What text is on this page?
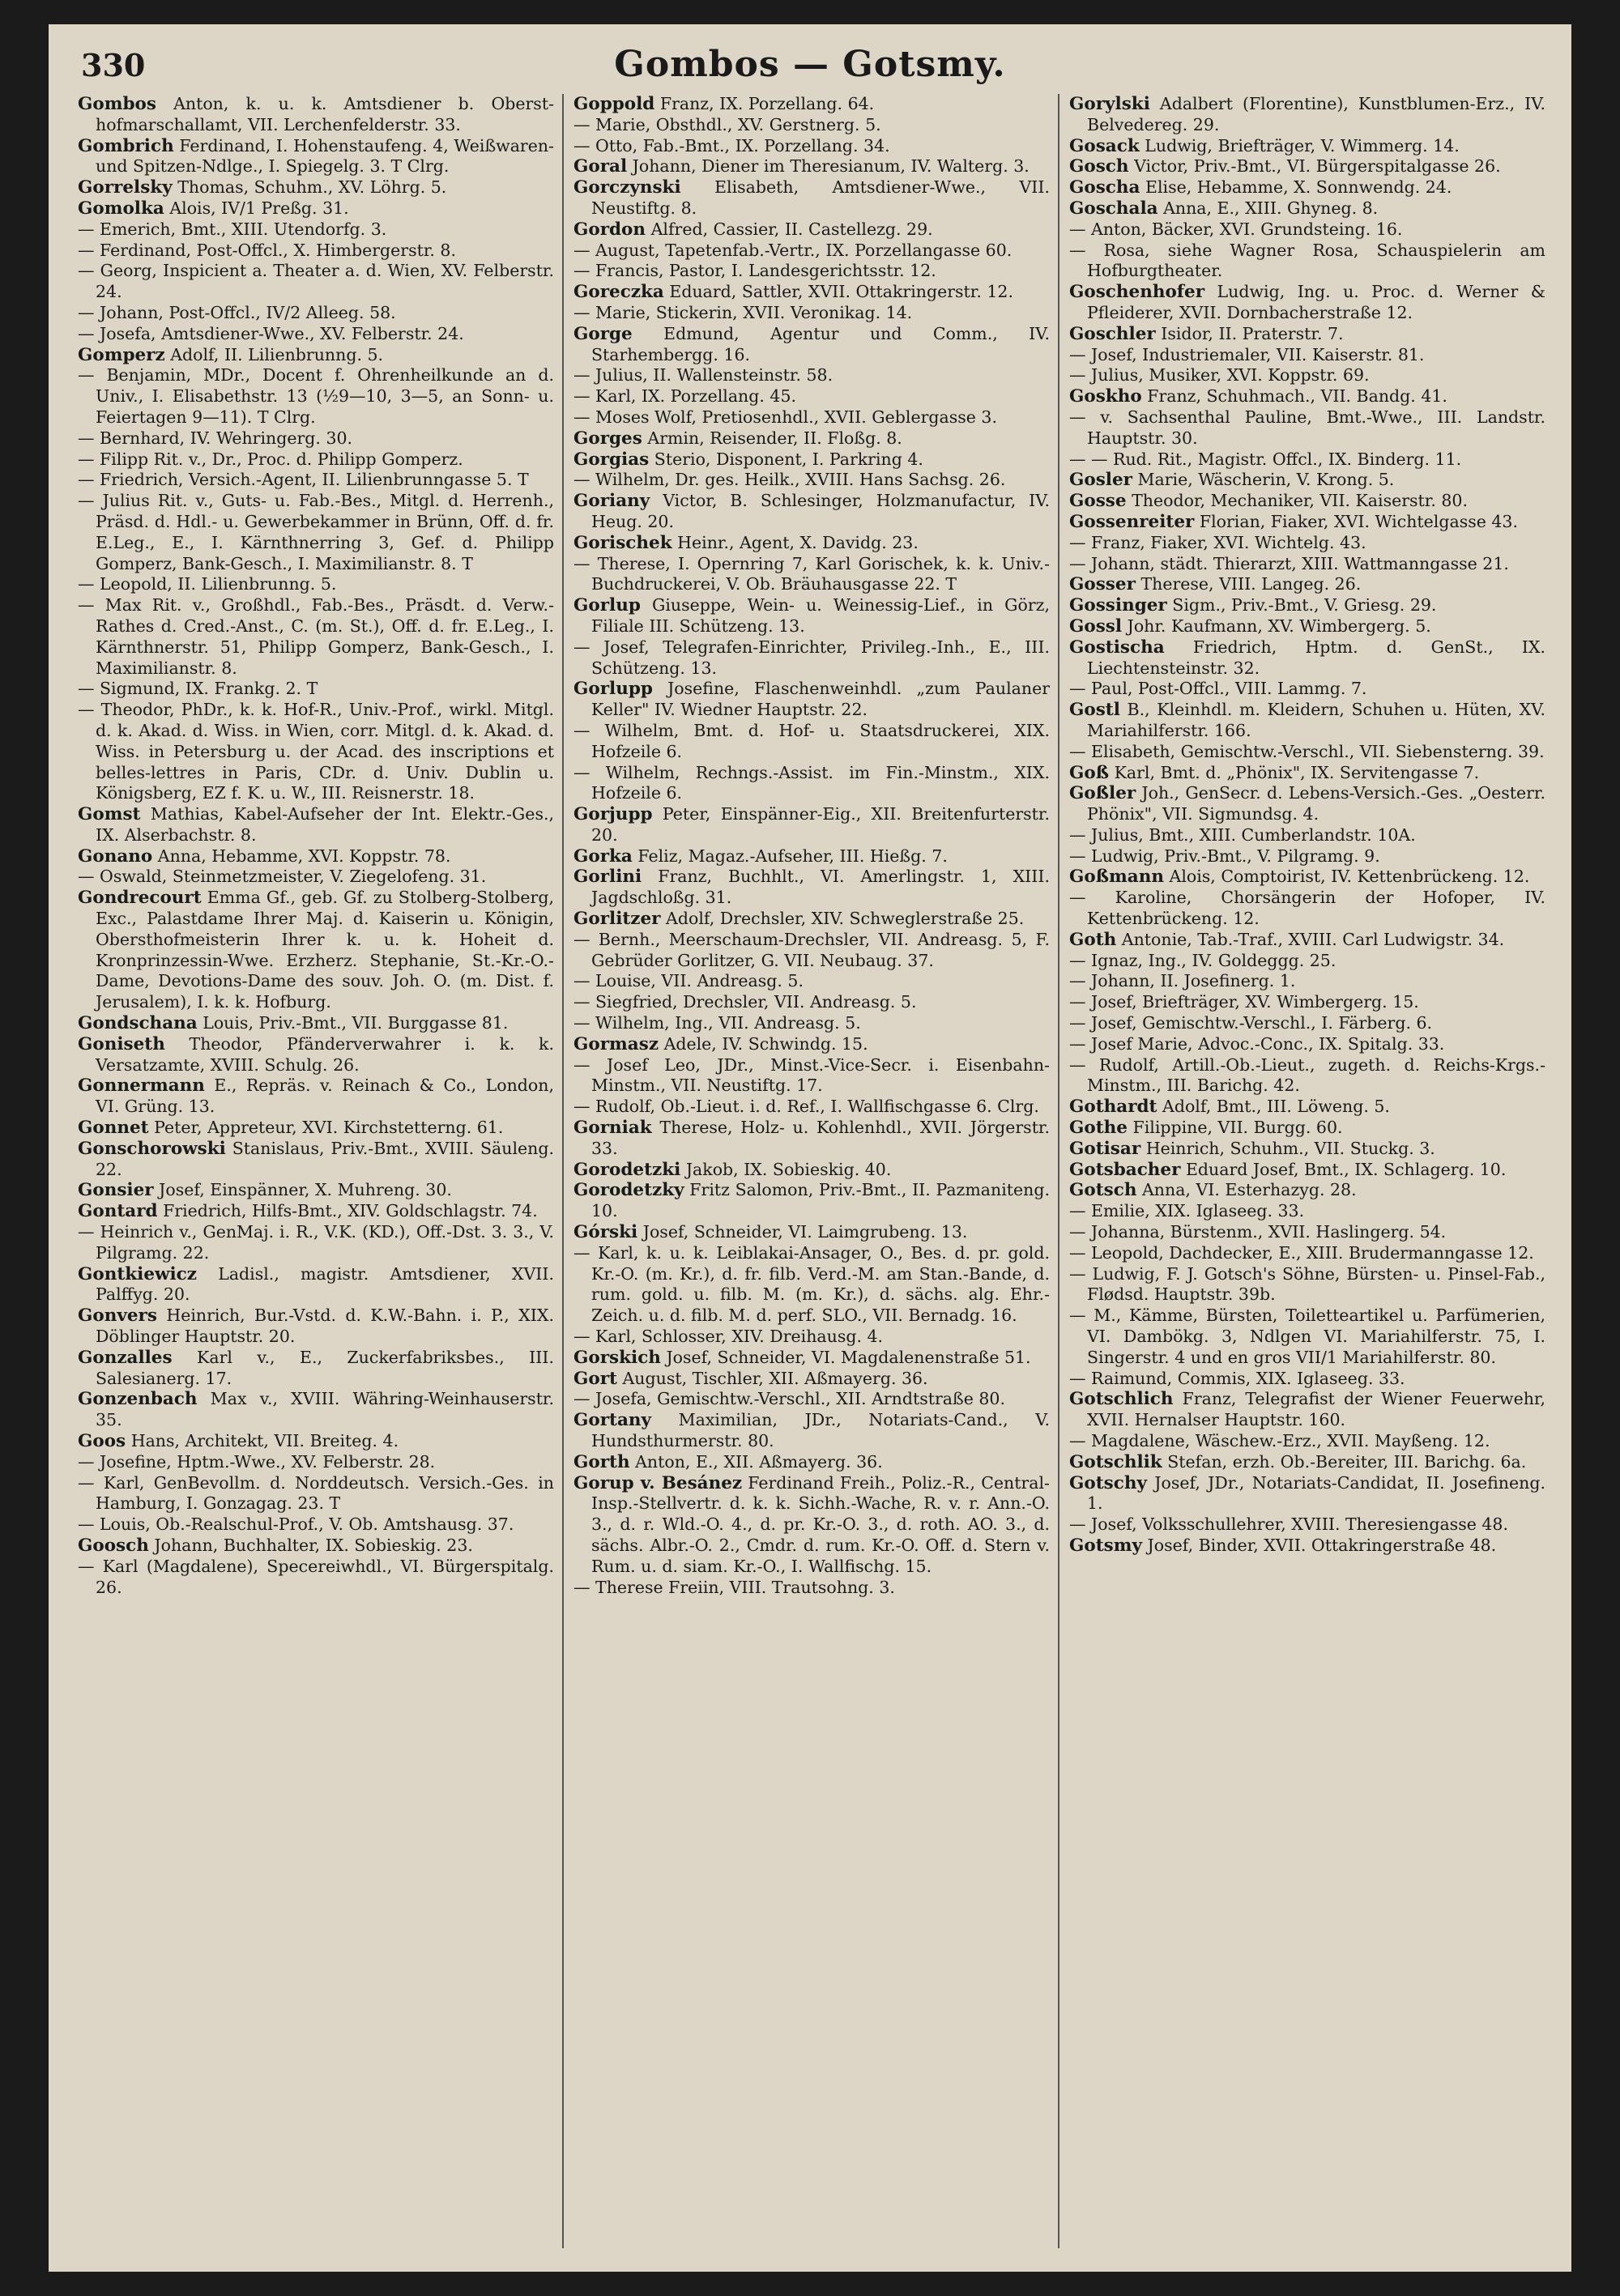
330	Gombos — Gotsmy.

Gombos Anton, k. u. k. Amtsdiener b. Oberst-hofmarschallamt, VII. Lerchenfelderstr. 33.

Gombrich Ferdinand, I. Hohenstaufeng. 4, Weißwaren- und Spitzen-Ndlge., I. Spiegelg. 3. T Clrg.

Gorrelsky Thomas, Schuhm., XV. Löhrg. 5.

Gomolka Alois, IV/1 Preßg. 31.

— Emerich, Bmt., XIII. Utendorfg. 3.

— Ferdinand, Post-Offcl., X. Himbergerstr. 8.

— Georg, Inspicient a. Theater a. d. Wien, XV. Felberstr. 24.

— Johann, Post-Offcl., IV/2 Alleeg. 58.

— Josefa, Amtsdiener-Wwe., XV. Felberstr. 24.

Gomperz Adolf, II. Lilienbrunng. 5.

— Benjamin, MDr., Docent f. Ohrenheilkunde an d. Univ., I. Elisabethstr. 13 (½9—10, 3—5, an Sonn- u. Feiertagen 9—11). T Clrg.

— Bernhard, IV. Wehringerg. 30.

— Filipp Rit. v., Dr., Proc. d. Philipp Gomperz.

— Friedrich, Versich.-Agent, II. Lilienbrunngasse 5. T

— Julius Rit. v., Guts- u. Fab.-Bes., Mitgl. d. Herrenh., Präsd. d. Hdl.- u. Gewerbekammer in Brünn, Off. d. fr. E.Leg., E., I. Kärnthnerring 3, Gef. d. Philipp Gomperz, Bank-Gesch., I. Maximilianstr. 8. T

— Leopold, II. Lilienbrunng. 5.

— Max Rit. v., Großhdl., Fab.-Bes., Präsdt. d. Verw.-Rathes d. Cred.-Anst., C. (m. St.), Off. d. fr. E.Leg., I. Kärnthnerstr. 51, Philipp Gomperz, Bank-Gesch., I. Maximilianstr. 8.

— Sigmund, IX. Frankg. 2. T

— Theodor, PhDr., k. k. Hof-R., Univ.-Prof., wirkl. Mitgl. d. k. Akad. d. Wiss. in Wien, corr. Mitgl. d. k. Akad. d. Wiss. in Petersburg u. der Acad. des inscriptions et belles-lettres in Paris, CDr. d. Univ. Dublin u. Königsberg, EZ f. K. u. W., III. Reisnerstr. 18.

Gomst Mathias, Kabel-Aufseher der Int. Elektr.-Ges., IX. Alserbachstr. 8.

Gonano Anna, Hebamme, XVI. Koppstr. 78.

— Oswald, Steinmetzmeister, V. Ziegelofeng. 31.

Gondrecourt Emma Gf., geb. Gf. zu Stolberg-Stolberg, Exc., Palastdame Ihrer Maj. d. Kaiserin u. Königin, Obersthofmeisterin Ihrer k. u. k. Hoheit d. Kronprinzessin-Wwe. Erzherz. Stephanie, St.-Kr.-O.-Dame, Devotions-Dame des souv. Joh. O. (m. Dist. f. Jerusalem), I. k. k. Hofburg.

Gondschana Louis, Priv.-Bmt., VII. Burggasse 81.

Goniseth Theodor, Pfänderverwahrer i. k. k. Versatzamte, XVIII. Schulg. 26.

Gonnermann E., Repräs. v. Reinach & Co., London, VI. Grüng. 13.

Gonnet Peter, Appreteur, XVI. Kirchstetterng. 61.

Gonschorowski Stanislaus, Priv.-Bmt., XVIII. Säuleng. 22.

Gonsier Josef, Einspänner, X. Muhreng. 30.

Gontard Friedrich, Hilfs-Bmt., XIV. Goldschlagstr. 74.

— Heinrich v., GenMaj. i. R., V.K. (KD.), Off.-Dst. 3. 3., V. Pilgramg. 22.

Gontkiewicz Ladisl., magistr. Amtsdiener, XVII. Palffyg. 20.

Gonvers Heinrich, Bur.-Vstd. d. K.W.-Bahn. i. P., XIX. Döblinger Hauptstr. 20.

Gonzalles Karl v., E., Zuckerfabriksbes., III. Salesianerg. 17.

Gonzenbach Max v., XVIII. Währing-Weinhauserstr. 35.

Goos Hans, Architekt, VII. Breiteg. 4.

— Josefine, Hptm.-Wwe., XV. Felberstr. 28.

— Karl, GenBevollm. d. Norddeutsch. Versich.-Ges. in Hamburg, I. Gonzagag. 23. T

— Louis, Ob.-Realschul-Prof., V. Ob. Amtshausg. 37.

Goosch Johann, Buchhalter, IX. Sobieskig. 23.

— Karl (Magdalene), Specereiwhdl., VI. Bürgerspitalg. 26.

Goppold Franz, IX. Porzellang. 64.

— Marie, Obsthdl., XV. Gerstnerg. 5.

— Otto, Fab.-Bmt., IX. Porzellang. 34.

Goral Johann, Diener im Theresianum, IV. Walterg. 3.

Gorczynski Elisabeth, Amtsdiener-Wwe., VII. Neustiftg. 8.

Gordon Alfred, Cassier, II. Castellezg. 29.

— August, Tapetenfab.-Vertr., IX. Porzellangasse 60.

— Francis, Pastor, I. Landesgerichtsstr. 12.

Goreczka Eduard, Sattler, XVII. Ottakringerstr. 12.

— Marie, Stickerin, XVII. Veronikag. 14.

Gorge Edmund, Agentur und Comm., IV. Starhembergg. 16.

— Julius, II. Wallensteinstr. 58.

— Karl, IX. Porzellang. 45.

— Moses Wolf, Pretiosenhdl., XVII. Geblergasse 3.

Gorges Armin, Reisender, II. Floßg. 8.

Gorgias Sterio, Disponent, I. Parkring 4.

— Wilhelm, Dr. ges. Heilk., XVIII. Hans Sachsg. 26.

Goriany Victor, B. Schlesinger, Holzmanufactur, IV. Heug. 20.

Gorischek Heinr., Agent, X. Davidg. 23.

— Therese, I. Opernring 7, Karl Gorischek, k. k. Univ.-Buchdruckerei, V. Ob. Bräuhausgasse 22. T

Gorlup Giuseppe, Wein- u. Weinessig-Lief., in Görz, Filiale III. Schützeng. 13.

— Josef, Telegrafen-Einrichter, Privileg.-Inh., E., III. Schützeng. 13.

Gorlupp Josefine, Flaschenweinhdl. „zum Paulaner Keller" IV. Wiedner Hauptstr. 22.

— Wilhelm, Bmt. d. Hof- u. Staatsdruckerei, XIX. Hofzeile 6.

— Wilhelm, Rechngs.-Assist. im Fin.-Minstm., XIX. Hofzeile 6.

Gorjupp Peter, Einspänner-Eig., XII. Breitenfurterstr. 20.

Gorka Feliz, Magaz.-Aufseher, III. Hießg. 7.

Gorlini Franz, Buchhlt., VI. Amerlingstr. 1, XIII. Jagdschloßg. 31.

Gorlitzer Adolf, Drechsler, XIV. Schweglerstraße 25.

— Bernh., Meerschaum-Drechsler, VII. Andreasg. 5, F. Gebrüder Gorlitzer, G. VII. Neubaug. 37.

— Louise, VII. Andreasg. 5.

— Siegfried, Drechsler, VII. Andreasg. 5.

— Wilhelm, Ing., VII. Andreasg. 5.

Gormasz Adele, IV. Schwindg. 15.

— Josef Leo, JDr., Minst.-Vice-Secr. i. Eisenbahn-Minstm., VII. Neustiftg. 17.

— Rudolf, Ob.-Lieut. i. d. Ref., I. Wallfischgasse 6. Clrg.

Gorniak Therese, Holz- u. Kohlenhdl., XVII. Jörgerstr. 33.

Gorodetzki Jakob, IX. Sobieskig. 40.

Gorodetzky Fritz Salomon, Priv.-Bmt., II. Pazmaniteng. 10.

Górski Josef, Schneider, VI. Laimgrubeng. 13.

— Karl, k. u. k. Leiblakai-Ansager, O., Bes. d. pr. gold. Kr.-O. (m. Kr.), d. fr. filb. Verd.-M. am Stan.-Bande, d. rum. gold. u. filb. M. (m. Kr.), d. sächs. alg. Ehr.-Zeich. u. d. filb. M. d. perf. SLO., VII. Bernadg. 16.

— Karl, Schlosser, XIV. Dreihausg. 4.

Gorskich Josef, Schneider, VI. Magdalenenstraße 51.

Gort August, Tischler, XII. Aßmayerg. 36.

— Josefa, Gemischtw.-Verschl., XII. Arndtstraße 80.

Gortany Maximilian, JDr., Notariats-Cand., V. Hundsthurmerstr. 80.

Gorth Anton, E., XII. Aßmayerg. 36.

Gorup v. Besánez Ferdinand Freih., Poliz.-R., Central-Insp.-Stellvertr. d. k. k. Sichh.-Wache, R. v. r. Ann.-O. 3., d. r. Wld.-O. 4., d. pr. Kr.-O. 3., d. roth. AO. 3., d. sächs. Albr.-O. 2., Cmdr. d. rum. Kr.-O. Off. d. Stern v. Rum. u. d. siam. Kr.-O., I. Wallfischg. 15.

— Therese Freiin, VIII. Trautsohng. 3.

Gorylski Adalbert (Florentine), Kunstblumen-Erz., IV. Belvedereg. 29.

Gosack Ludwig, Briefträger, V. Wimmerg. 14.

Gosch Victor, Priv.-Bmt., VI. Bürgerspitalgasse 26.

Goscha Elise, Hebamme, X. Sonnwendg. 24.

Goschala Anna, E., XIII. Ghyneg. 8.

— Anton, Bäcker, XVI. Grundsteing. 16.

— Rosa, siehe Wagner Rosa, Schauspielerin am Hofburgtheater.

Goschenhofer Ludwig, Ing. u. Proc. d. Werner & Pfleiderer, XVII. Dornbacherstraße 12.

Goschler Isidor, II. Praterstr. 7.

— Josef, Industriemaler, VII. Kaiserstr. 81.

— Julius, Musiker, XVI. Koppstr. 69.

Goskho Franz, Schuhmach., VII. Bandg. 41.

— v. Sachsenthal Pauline, Bmt.-Wwe., III. Landstr. Hauptstr. 30.

— — Rud. Rit., Magistr. Offcl., IX. Binderg. 11.

Gosler Marie, Wäscherin, V. Krong. 5.

Gosse Theodor, Mechaniker, VII. Kaiserstr. 80.

Gossenreiter Florian, Fiaker, XVI. Wichtelgasse 43.

— Franz, Fiaker, XVI. Wichtelg. 43.

— Johann, städt. Thierarzt, XIII. Wattmanngasse 21.

Gosser Therese, VIII. Langeg. 26.

Gossinger Sigm., Priv.-Bmt., V. Griesg. 29.

Gossl Johr. Kaufmann, XV. Wimbergerg. 5.

Gostischa Friedrich, Hptm. d. GenSt., IX. Liechtensteinstr. 32.

— Paul, Post-Offcl., VIII. Lammg. 7.

Gostl B., Kleinhdl. m. Kleidern, Schuhen u. Hüten, XV. Mariahilferstr. 166.

— Elisabeth, Gemischtw.-Verschl., VII. Siebensterng. 39.

Goß Karl, Bmt. d. „Phönix", IX. Servitengasse 7.

Goßler Joh., GenSecr. d. Lebens-Versich.-Ges. „Oesterr. Phönix", VII. Sigmundsg. 4.

— Julius, Bmt., XIII. Cumberlandstr. 10A.

— Ludwig, Priv.-Bmt., V. Pilgramg. 9.

Goßmann Alois, Comptoirist, IV. Kettenbrückeng. 12.

— Karoline, Chorsängerin der Hofoper, IV. Kettenbrückeng. 12.

Goth Antonie, Tab.-Traf., XVIII. Carl Ludwigstr. 34.

— Ignaz, Ing., IV. Goldeggg. 25.

— Johann, II. Josefinerg. 1.

— Josef, Briefträger, XV. Wimbergerg. 15.

— Josef, Gemischtw.-Verschl., I. Färberg. 6.

— Josef Marie, Advoc.-Conc., IX. Spitalg. 33.

— Rudolf, Artill.-Ob.-Lieut., zugeth. d. Reichs-Krgs.-Minstm., III. Barichg. 42.

Gothardt Adolf, Bmt., III. Löweng. 5.

Gothe Filippine, VII. Burgg. 60.

Gotisar Heinrich, Schuhm., VII. Stuckg. 3.

Gotsbacher Eduard Josef, Bmt., IX. Schlagerg. 10.

Gotsch Anna, VI. Esterhazyg. 28.

— Emilie, XIX. Iglaseeg. 33.

— Johanna, Bürstenm., XVII. Haslingerg. 54.

— Leopold, Dachdecker, E., XIII. Brudermanngasse 12.

— Ludwig, F. J. Gotsch's Söhne, Bürsten- u. Pinsel-Fab., Flødsd. Hauptstr. 39b.

— M., Kämme, Bürsten, Toiletteartikel u. Parfümerien, VI. Dambökg. 3, Ndlgen VI. Mariahilferstr. 75, I. Singerstr. 4 und en gros VII/1 Mariahilferstr. 80.

— Raimund, Commis, XIX. Iglaseeg. 33.

Gotschlich Franz, Telegrafist der Wiener Feuerwehr, XVII. Hernalser Hauptstr. 160.

— Magdalene, Wäschew.-Erz., XVII. Mayßeng. 12.

Gotschlik Stefan, erzh. Ob.-Bereiter, III. Barichg. 6a.

Gotschy Josef, JDr., Notariats-Candidat, II. Josefineng. 1.

— Josef, Volksschullehrer, XVIII. Theresiengasse 48.

Gotsmy Josef, Binder, XVII. Ottakringerstraße 48.
